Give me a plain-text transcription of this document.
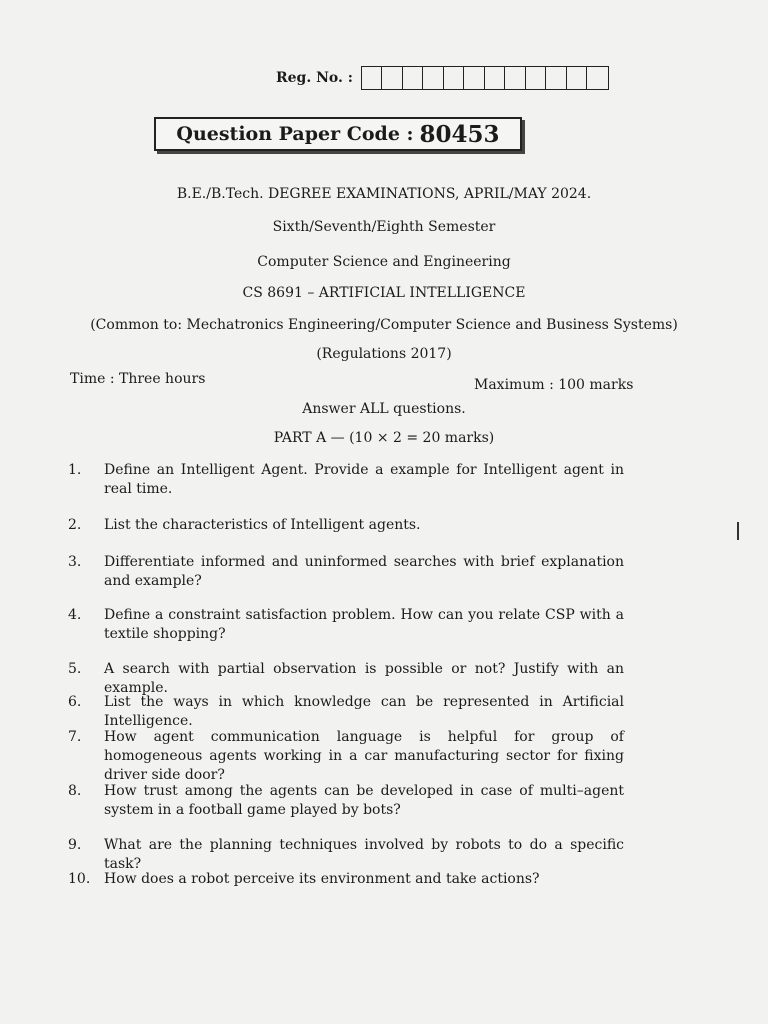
Reg. No. :
Question Paper Code : 80453
B.E./B.Tech. DEGREE EXAMINATIONS, APRIL/MAY 2024.
Sixth/Seventh/Eighth Semester
Computer Science and Engineering
CS 8691 – ARTIFICIAL INTELLIGENCE
(Common to: Mechatronics Engineering/Computer Science and Business Systems)
(Regulations 2017)
Time : Three hours	Maximum : 100 marks
Answer ALL questions.
PART A — (10 × 2 = 20 marks)
1. Define an Intelligent Agent. Provide a example for Intelligent agent in real time.
2. List the characteristics of Intelligent agents.
3. Differentiate informed and uninformed searches with brief explanation and example?
4. Define a constraint satisfaction problem. How can you relate CSP with a textile shopping?
5. A search with partial observation is possible or not? Justify with an example.
6. List the ways in which knowledge can be represented in Artificial Intelligence.
7. How agent communication language is helpful for group of homogeneous agents working in a car manufacturing sector for fixing driver side door?
8. How trust among the agents can be developed in case of multi–agent system in a football game played by bots?
9. What are the planning techniques involved by robots to do a specific task?
10. How does a robot perceive its environment and take actions?
